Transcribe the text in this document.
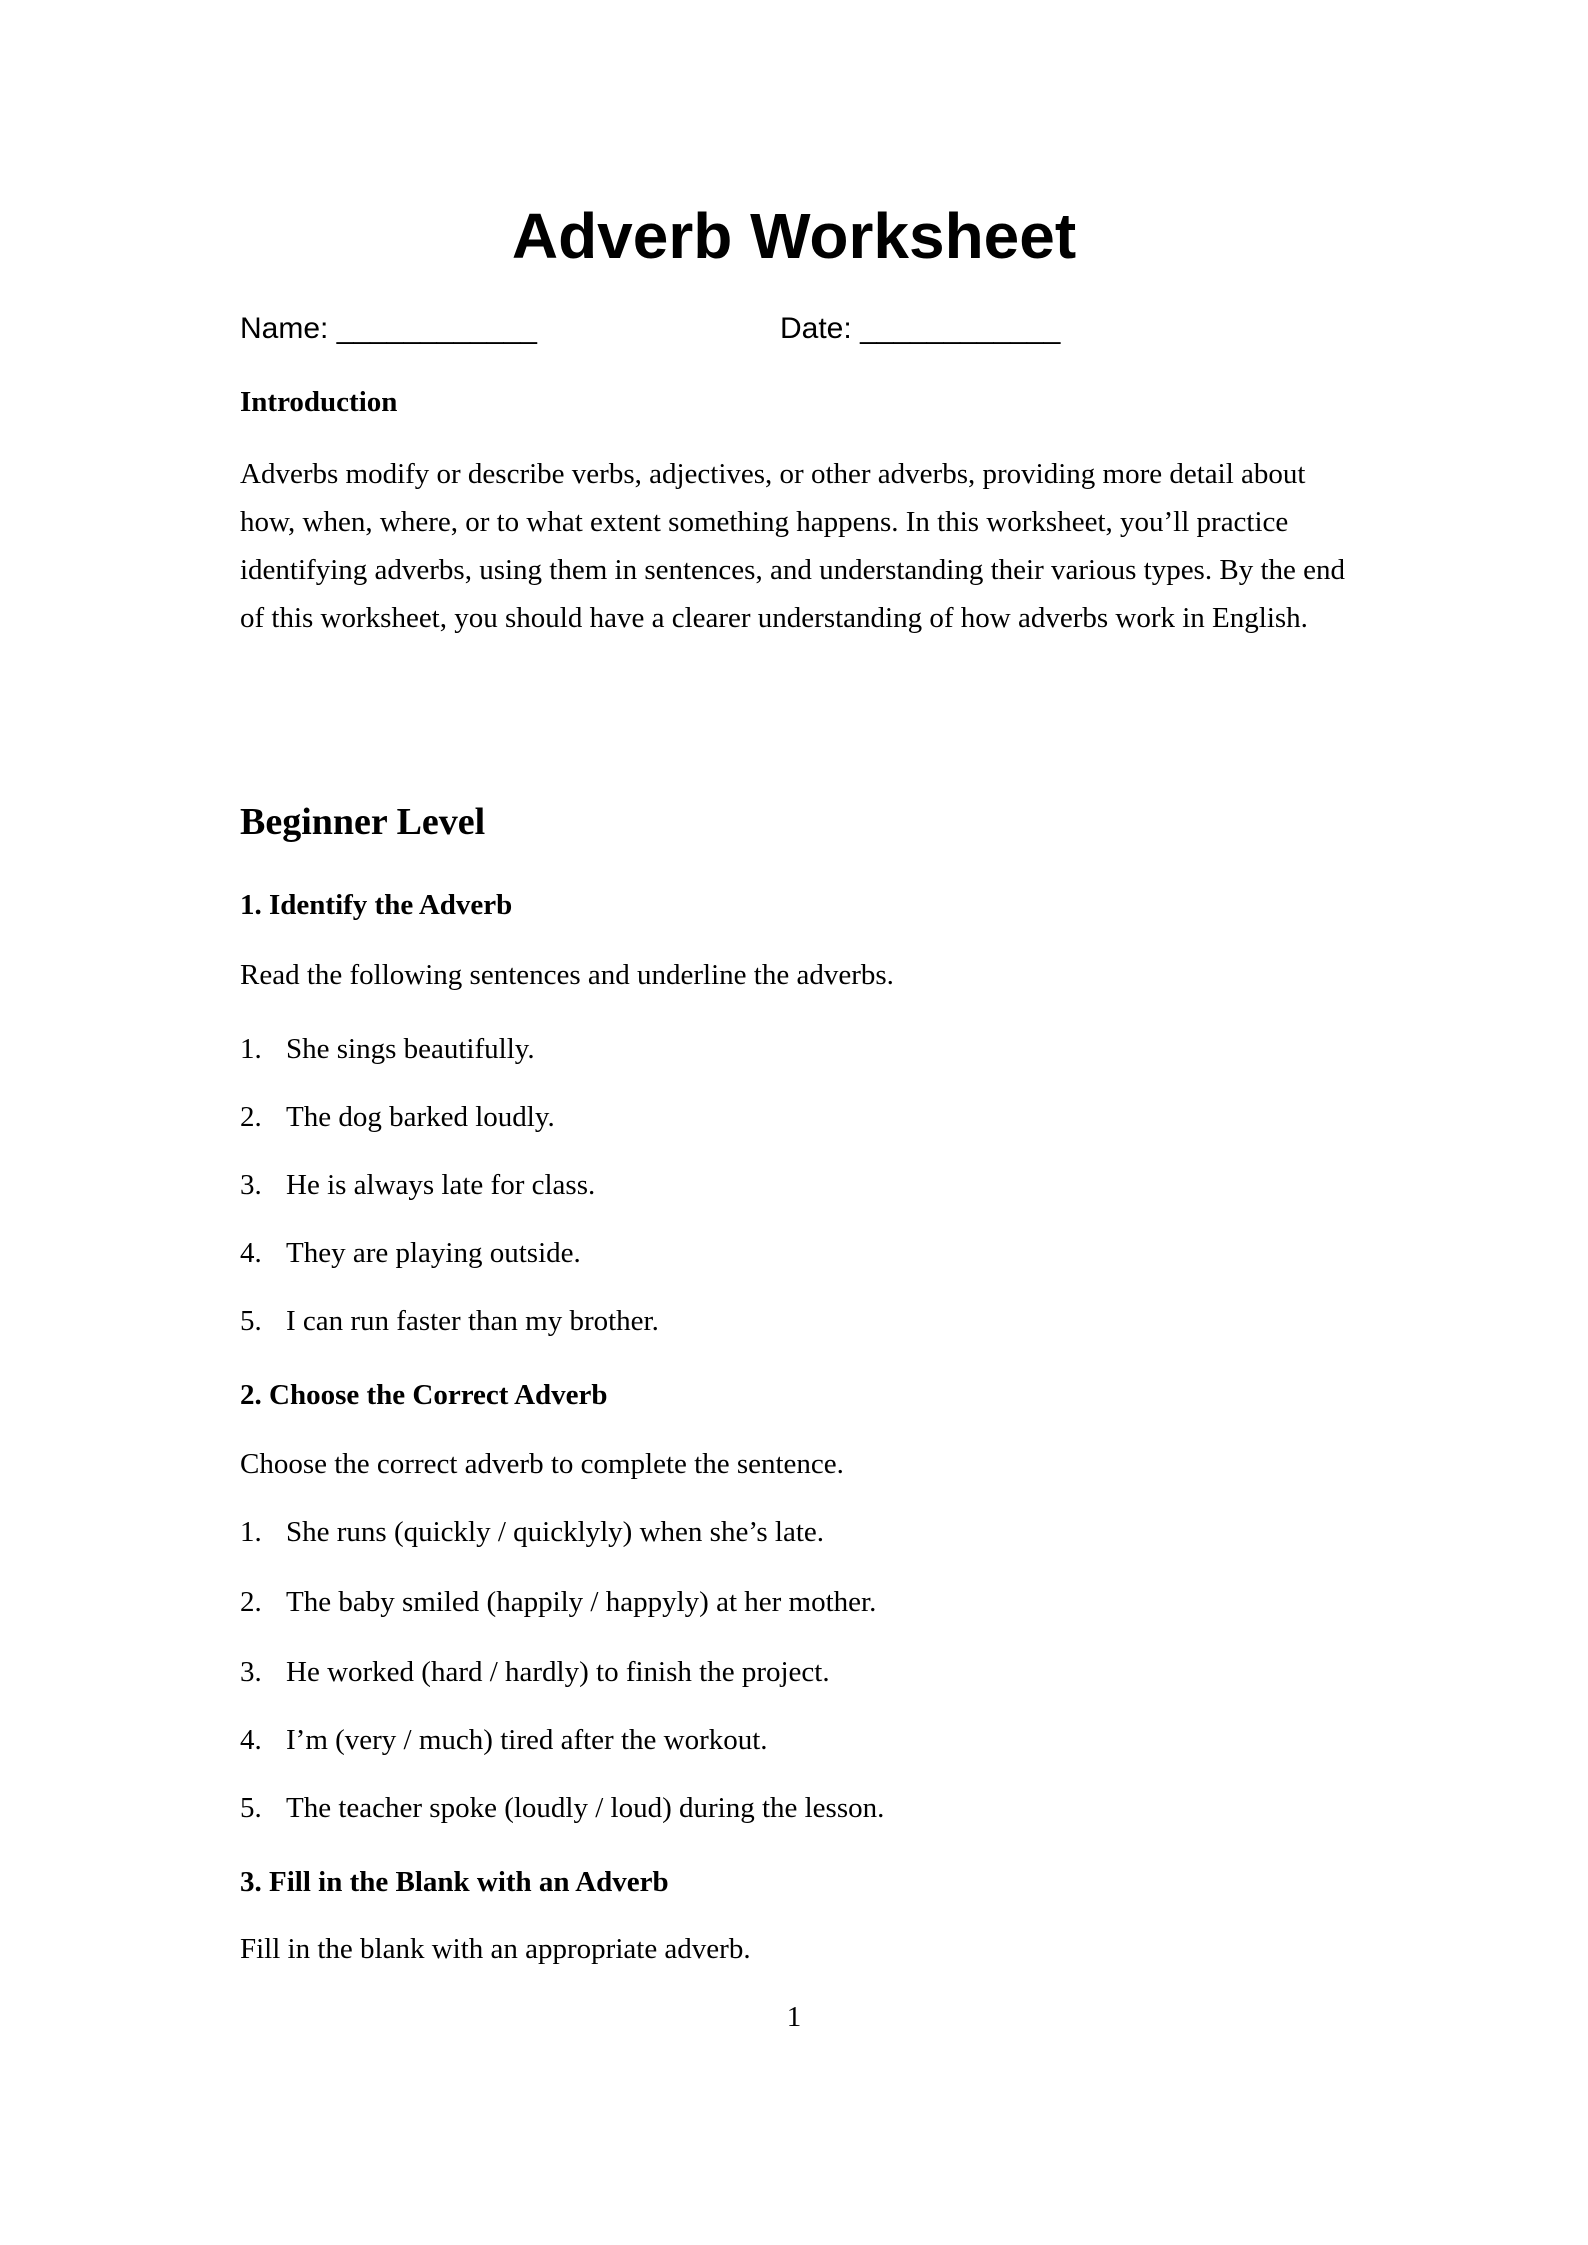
Adverb Worksheet
Name: ____________	Date: ____________
Introduction
Adverbs modify or describe verbs, adjectives, or other adverbs, providing more detail about how, when, where, or to what extent something happens. In this worksheet, you’ll practice identifying adverbs, using them in sentences, and understanding their various types. By the end of this worksheet, you should have a clearer understanding of how adverbs work in English.
Beginner Level
1. Identify the Adverb
Read the following sentences and underline the adverbs.
1. She sings beautifully.
2. The dog barked loudly.
3. He is always late for class.
4. They are playing outside.
5. I can run faster than my brother.
2. Choose the Correct Adverb
Choose the correct adverb to complete the sentence.
1. She runs (quickly / quicklyly) when she’s late.
2. The baby smiled (happily / happyly) at her mother.
3. He worked (hard / hardly) to finish the project.
4. I’m (very / much) tired after the workout.
5. The teacher spoke (loudly / loud) during the lesson.
3. Fill in the Blank with an Adverb
Fill in the blank with an appropriate adverb.
1
